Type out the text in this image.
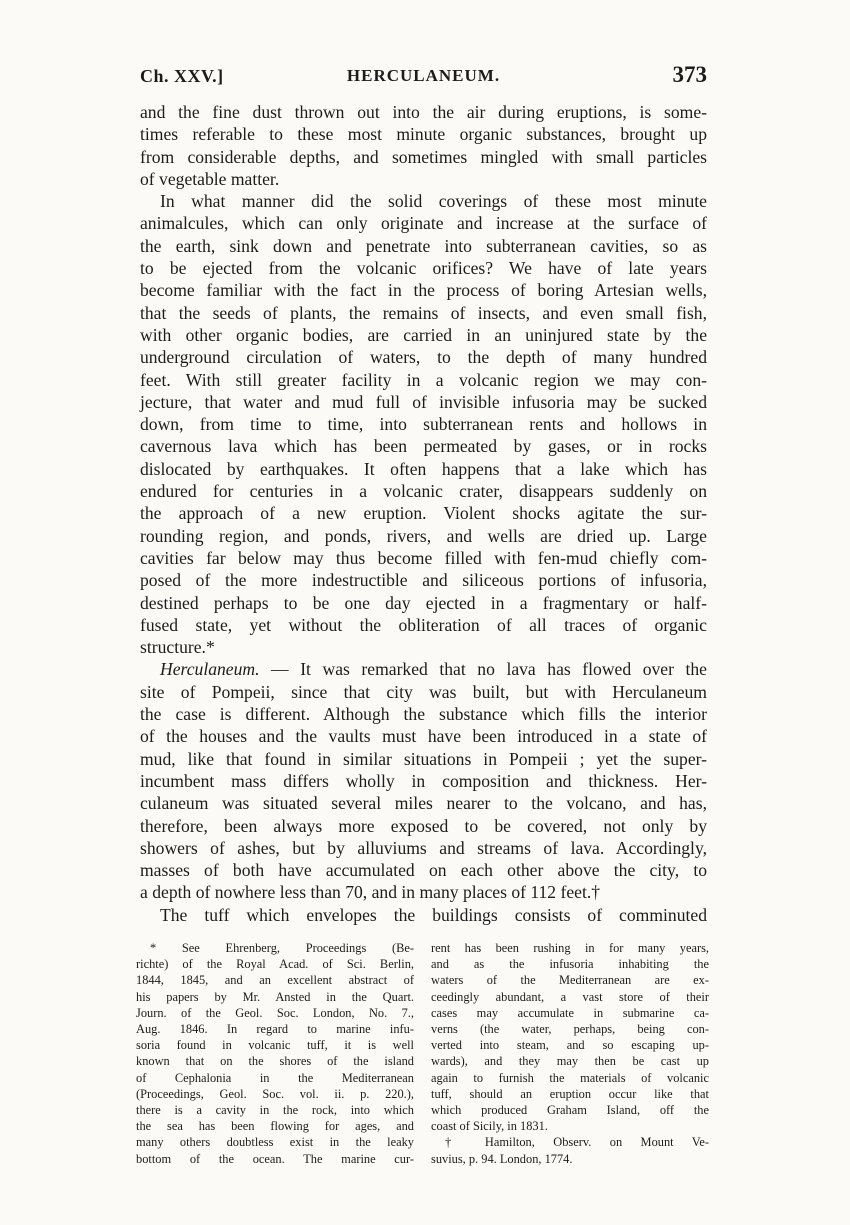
Ch. XXV.]	HERCULANEUM.	373
and the fine dust thrown out into the air during eruptions, is some-
times referable to these most minute organic substances, brought up
from considerable depths, and sometimes mingled with small particles
of vegetable matter.
In what manner did the solid coverings of these most minute
animalcules, which can only originate and increase at the surface of
the earth, sink down and penetrate into subterranean cavities, so as
to be ejected from the volcanic orifices? We have of late years
become familiar with the fact in the process of boring Artesian wells,
that the seeds of plants, the remains of insects, and even small fish,
with other organic bodies, are carried in an uninjured state by the
underground circulation of waters, to the depth of many hundred
feet. With still greater facility in a volcanic region we may con-
jecture, that water and mud full of invisible infusoria may be sucked
down, from time to time, into subterranean rents and hollows in
cavernous lava which has been permeated by gases, or in rocks
dislocated by earthquakes. It often happens that a lake which has
endured for centuries in a volcanic crater, disappears suddenly on
the approach of a new eruption. Violent shocks agitate the sur-
rounding region, and ponds, rivers, and wells are dried up. Large
cavities far below may thus become filled with fen-mud chiefly com-
posed of the more indestructible and siliceous portions of infusoria,
destined perhaps to be one day ejected in a fragmentary or half-
fused state, yet without the obliteration of all traces of organic
structure.*
Herculaneum. — It was remarked that no lava has flowed over the
site of Pompeii, since that city was built, but with Herculaneum
the case is different. Although the substance which fills the interior
of the houses and the vaults must have been introduced in a state of
mud, like that found in similar situations in Pompeii ; yet the super-
incumbent mass differs wholly in composition and thickness. Her-
culaneum was situated several miles nearer to the volcano, and has,
therefore, been always more exposed to be covered, not only by
showers of ashes, but by alluviums and streams of lava. Accordingly,
masses of both have accumulated on each other above the city, to
a depth of nowhere less than 70, and in many places of 112 feet.†
The tuff which envelopes the buildings consists of comminuted
* See Ehrenberg, Proceedings (Be-
richte) of the Royal Acad. of Sci. Berlin,
1844, 1845, and an excellent abstract of
his papers by Mr. Ansted in the Quart.
Journ. of the Geol. Soc. London, No. 7.,
Aug. 1846. In regard to marine infu-
soria found in volcanic tuff, it is well
known that on the shores of the island
of Cephalonia in the Mediterranean
(Proceedings, Geol. Soc. vol. ii. p. 220.),
there is a cavity in the rock, into which
the sea has been flowing for ages, and
many others doubtless exist in the leaky
bottom of the ocean. The marine cur-
rent has been rushing in for many years,
and as the infusoria inhabiting the
waters of the Mediterranean are ex-
ceedingly abundant, a vast store of their
cases may accumulate in submarine ca-
verns (the water, perhaps, being con-
verted into steam, and so escaping up-
wards), and they may then be cast up
again to furnish the materials of volcanic
tuff, should an eruption occur like that
which produced Graham Island, off the
coast of Sicily, in 1831.
† Hamilton, Observ. on Mount Ve-
suvius, p. 94. London, 1774.
